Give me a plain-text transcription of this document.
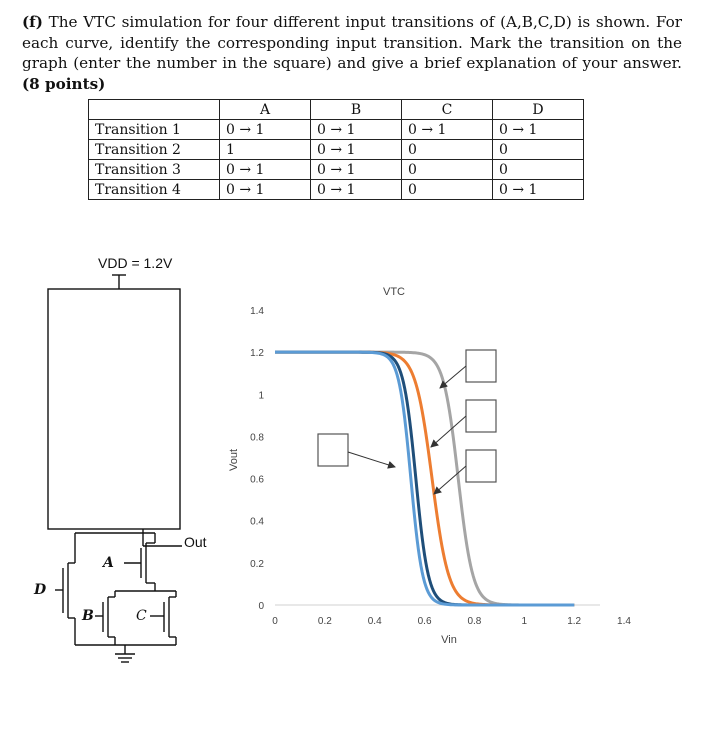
(f) The VTC simulation for four different input transitions of (A,B,C,D) is shown. For each curve, identify the corresponding input transition. Mark the transition on the graph (enter the number in the square) and give a brief explanation of your answer. (8 points)
	A	B	C	D
Transition 1	0 → 1	0 → 1	0 → 1	0 → 1
Transition 2	1	0 → 1	0	0
Transition 3	0 → 1	0 → 1	0	0
Transition 4	0 → 1	0 → 1	0	0 → 1
VDD = 1.2V
Out
D
A
B	C
VTC
0
0.2
0.4
0.6
0.8
1
1.2
1.4
0	0.2	0.4	0.6	0.8	1	1.2	1.4
Vout
Vin
